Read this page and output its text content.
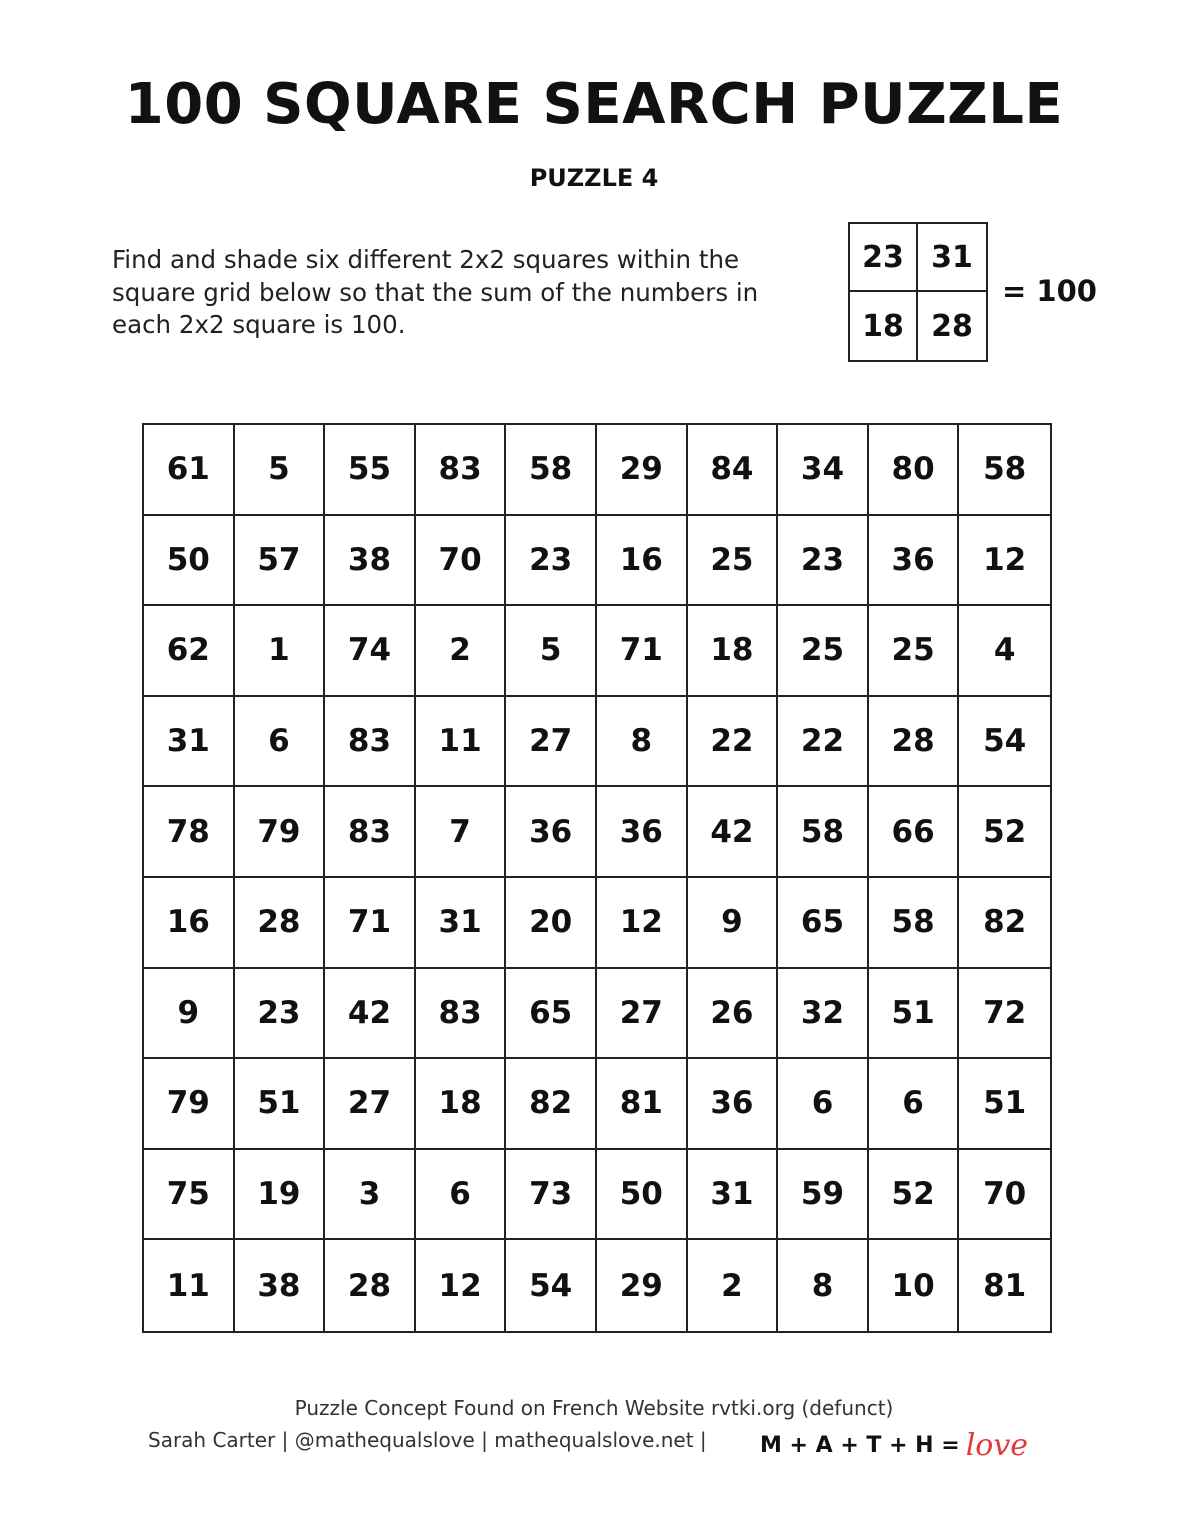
100 SQUARE SEARCH PUZZLE
PUZZLE 4
Find and shade six different 2x2 squares within the square grid below so that the sum of the numbers in each 2x2 square is 100.
23 31
18 28
= 100
61	5	55	83	58	29	84	34	80	58
50	57	38	70	23	16	25	23	36	12
62	1	74	2	5	71	18	25	25	4
31	6	83	11	27	8	22	22	28	54
78	79	83	7	36	36	42	58	66	52
16	28	71	31	20	12	9	65	58	82
9	23	42	83	65	27	26	32	51	72
79	51	27	18	82	81	36	6	6	51
75	19	3	6	73	50	31	59	52	70
11	38	28	12	54	29	2	8	10	81
Puzzle Concept Found on French Website rvtki.org (defunct)
Sarah Carter | @mathequalslove | mathequalslove.net | M + A + T + H = love
